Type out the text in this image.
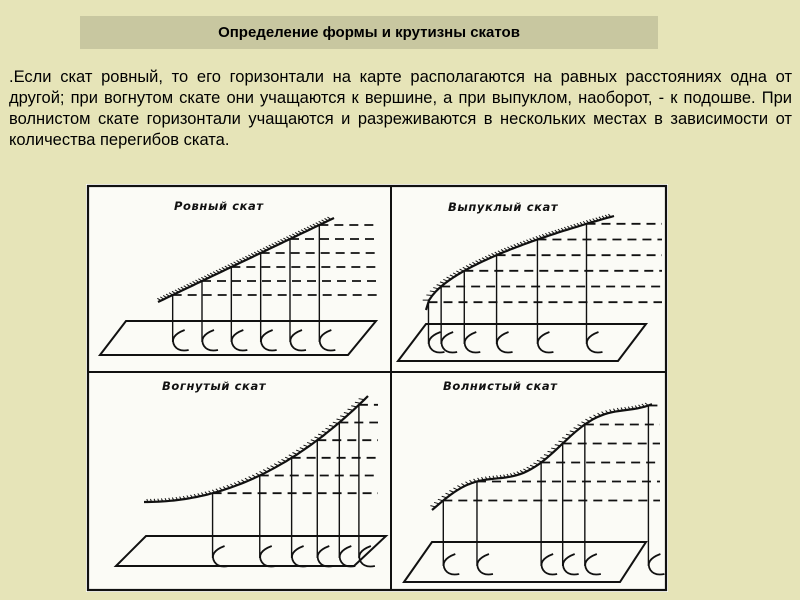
Определение формы и крутизны скатов
.Если скат ровный, то его горизонтали на карте располагаются на равных расстояниях одна от другой; при вогнутом скате они учащаются к вершине, а при выпуклом, наоборот, - к подошве. При волнистом скате горизонтали учащаются и разреживаются в нескольких местах в зависимости от количества перегибов ската.
Ровный скат	Выпуклый скат
Вогнутый скат	Волнистый скат
